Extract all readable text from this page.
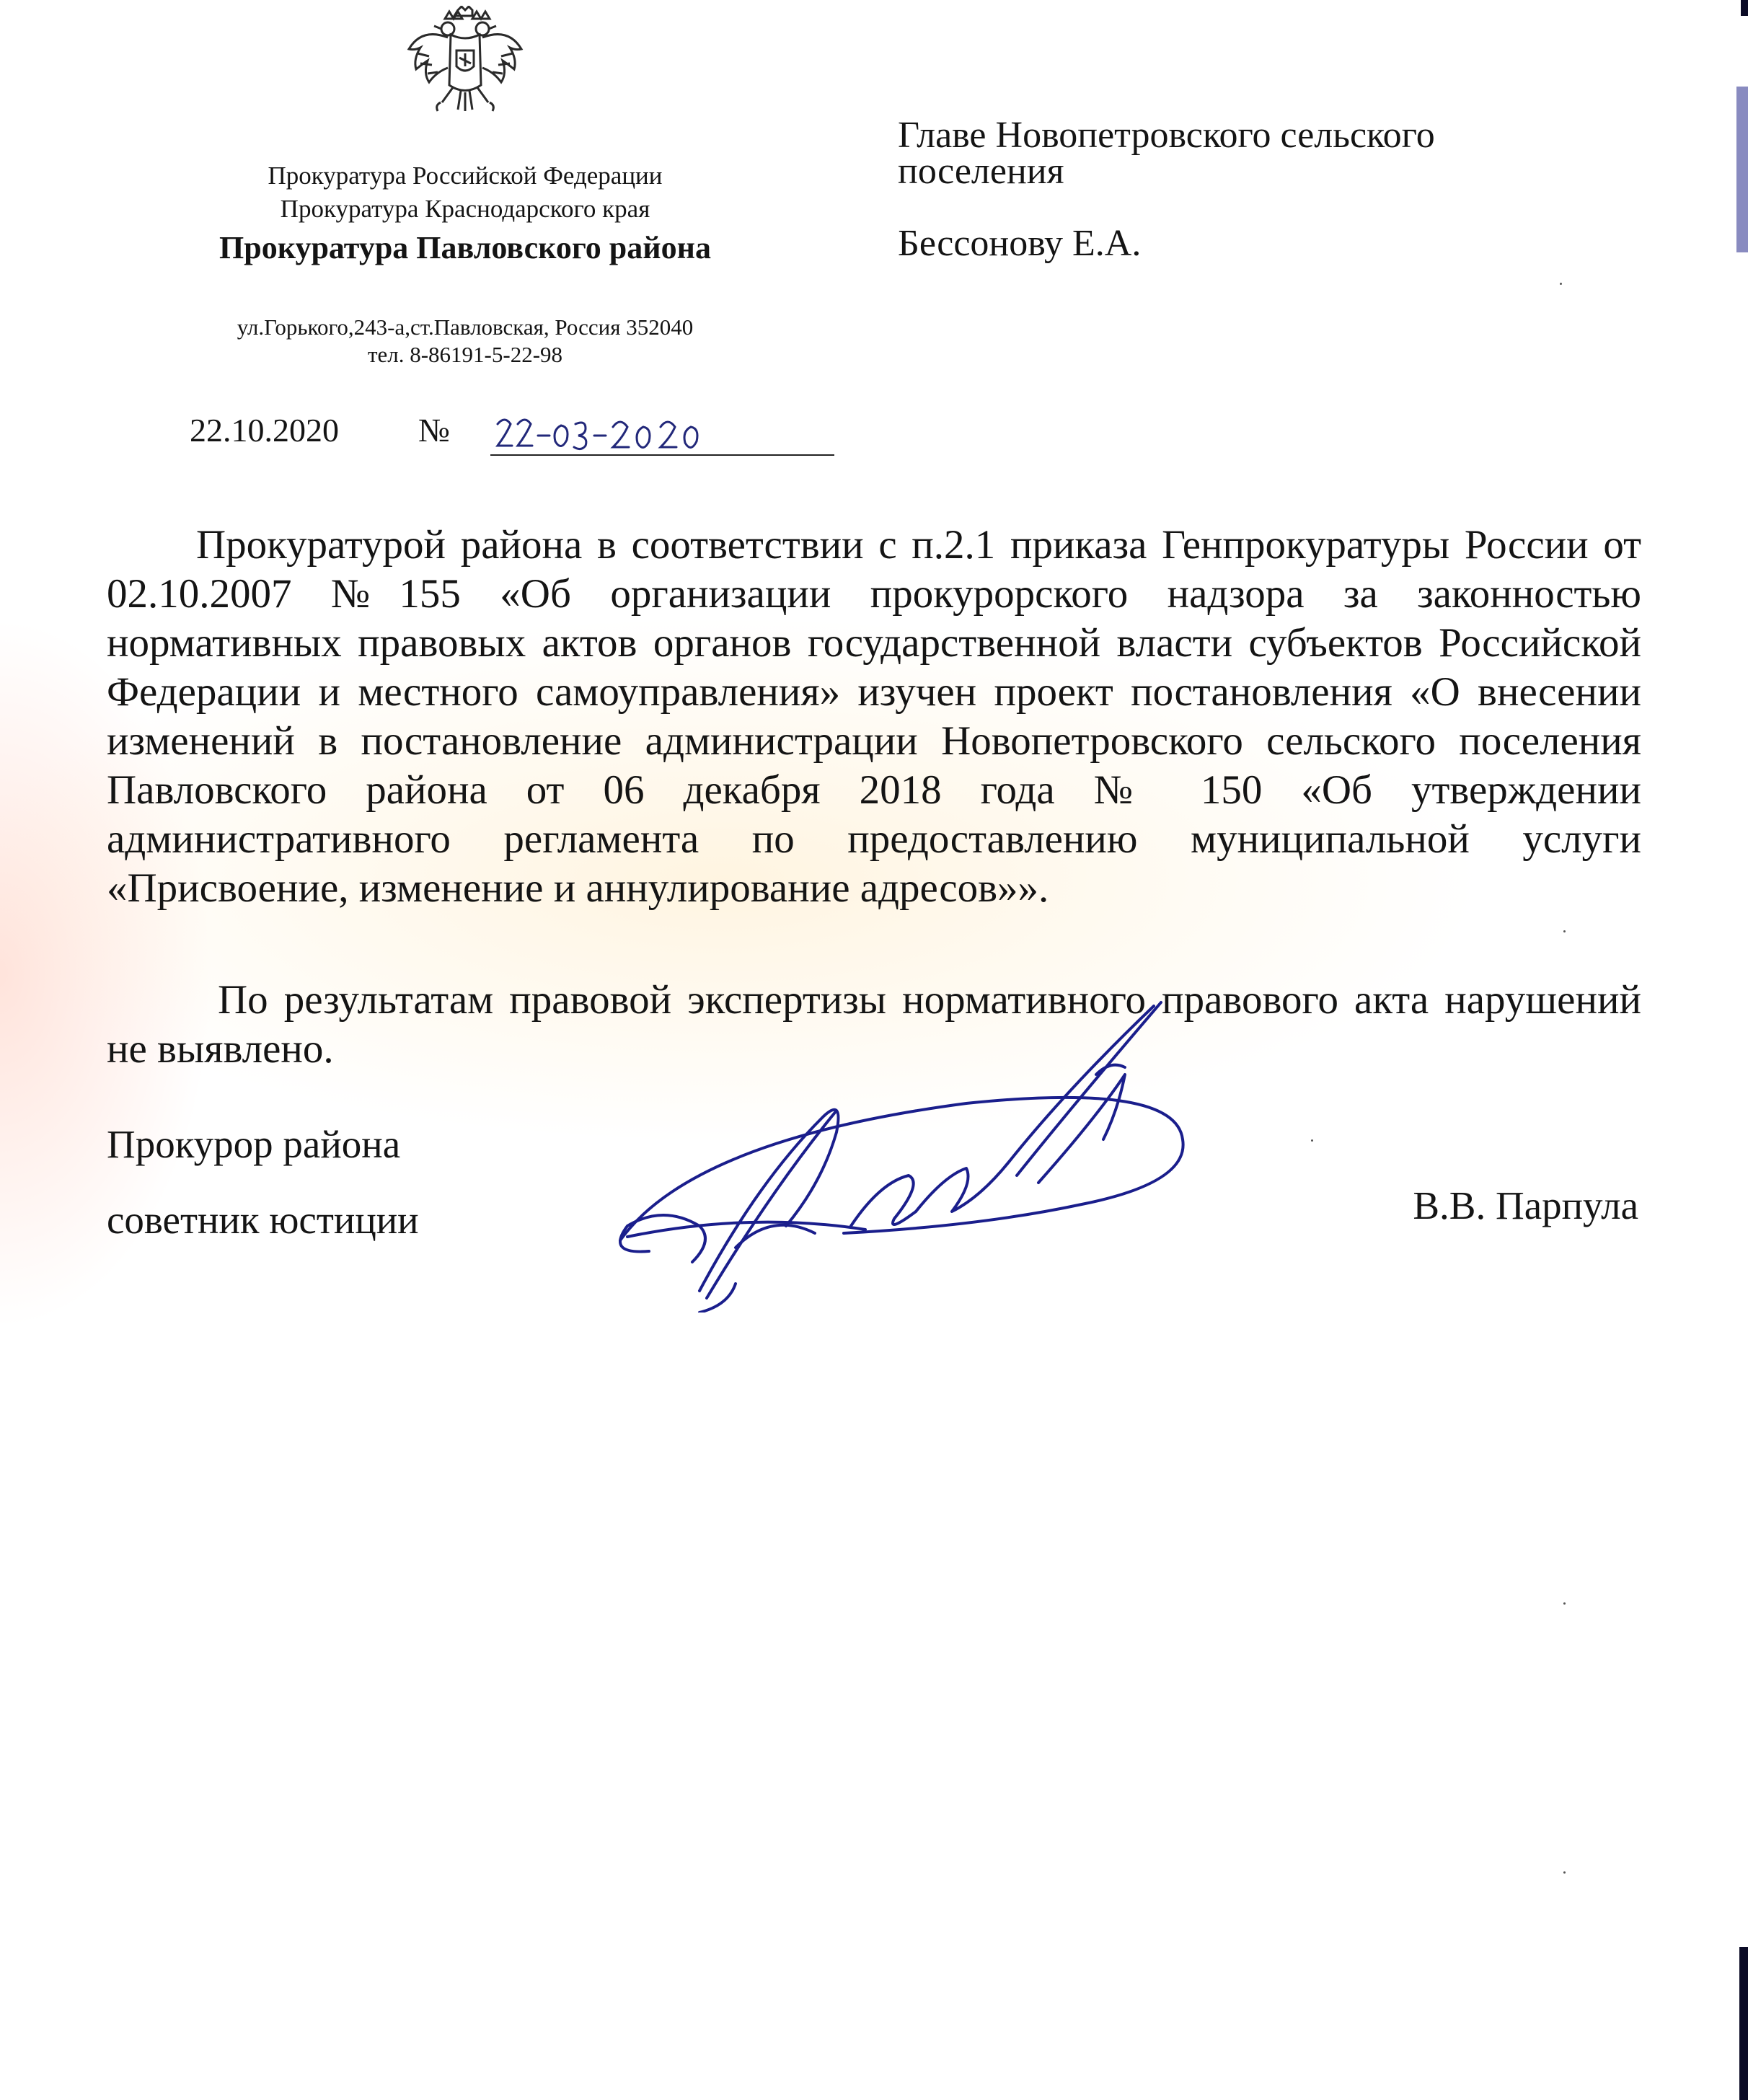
Прокуратура Российской Федерации
Прокуратура Краснодарского края
Прокуратура Павловского района
ул.Горького,243-а,ст.Павловская, Россия 352040
тел. 8-86191-5-22-98
Главе Новопетровского сельского
поселения
Бессонову Е.А.
22.10.2020 №
Прокуратурой района в соответствии с п.2.1 приказа Генпрокуратуры России от 02.10.2007 №155 «Об организации прокурорского надзора за законностью нормативных правовых актов органов государственной власти субъектов Российской Федерации и местного самоуправления» изучен проект постановления «О внесении изменений в постановление администрации Новопетровского сельского поселения Павловского района от 06 декабря 2018 года № 150 «Об утверждении административного регламента по предоставлению муниципальной услуги «Присвоение, изменение и аннулирование адресов»».
По результатам правовой экспертизы нормативного правового акта нарушений не выявлено.
Прокурор района
советник юстиции	В.В. Парпула
